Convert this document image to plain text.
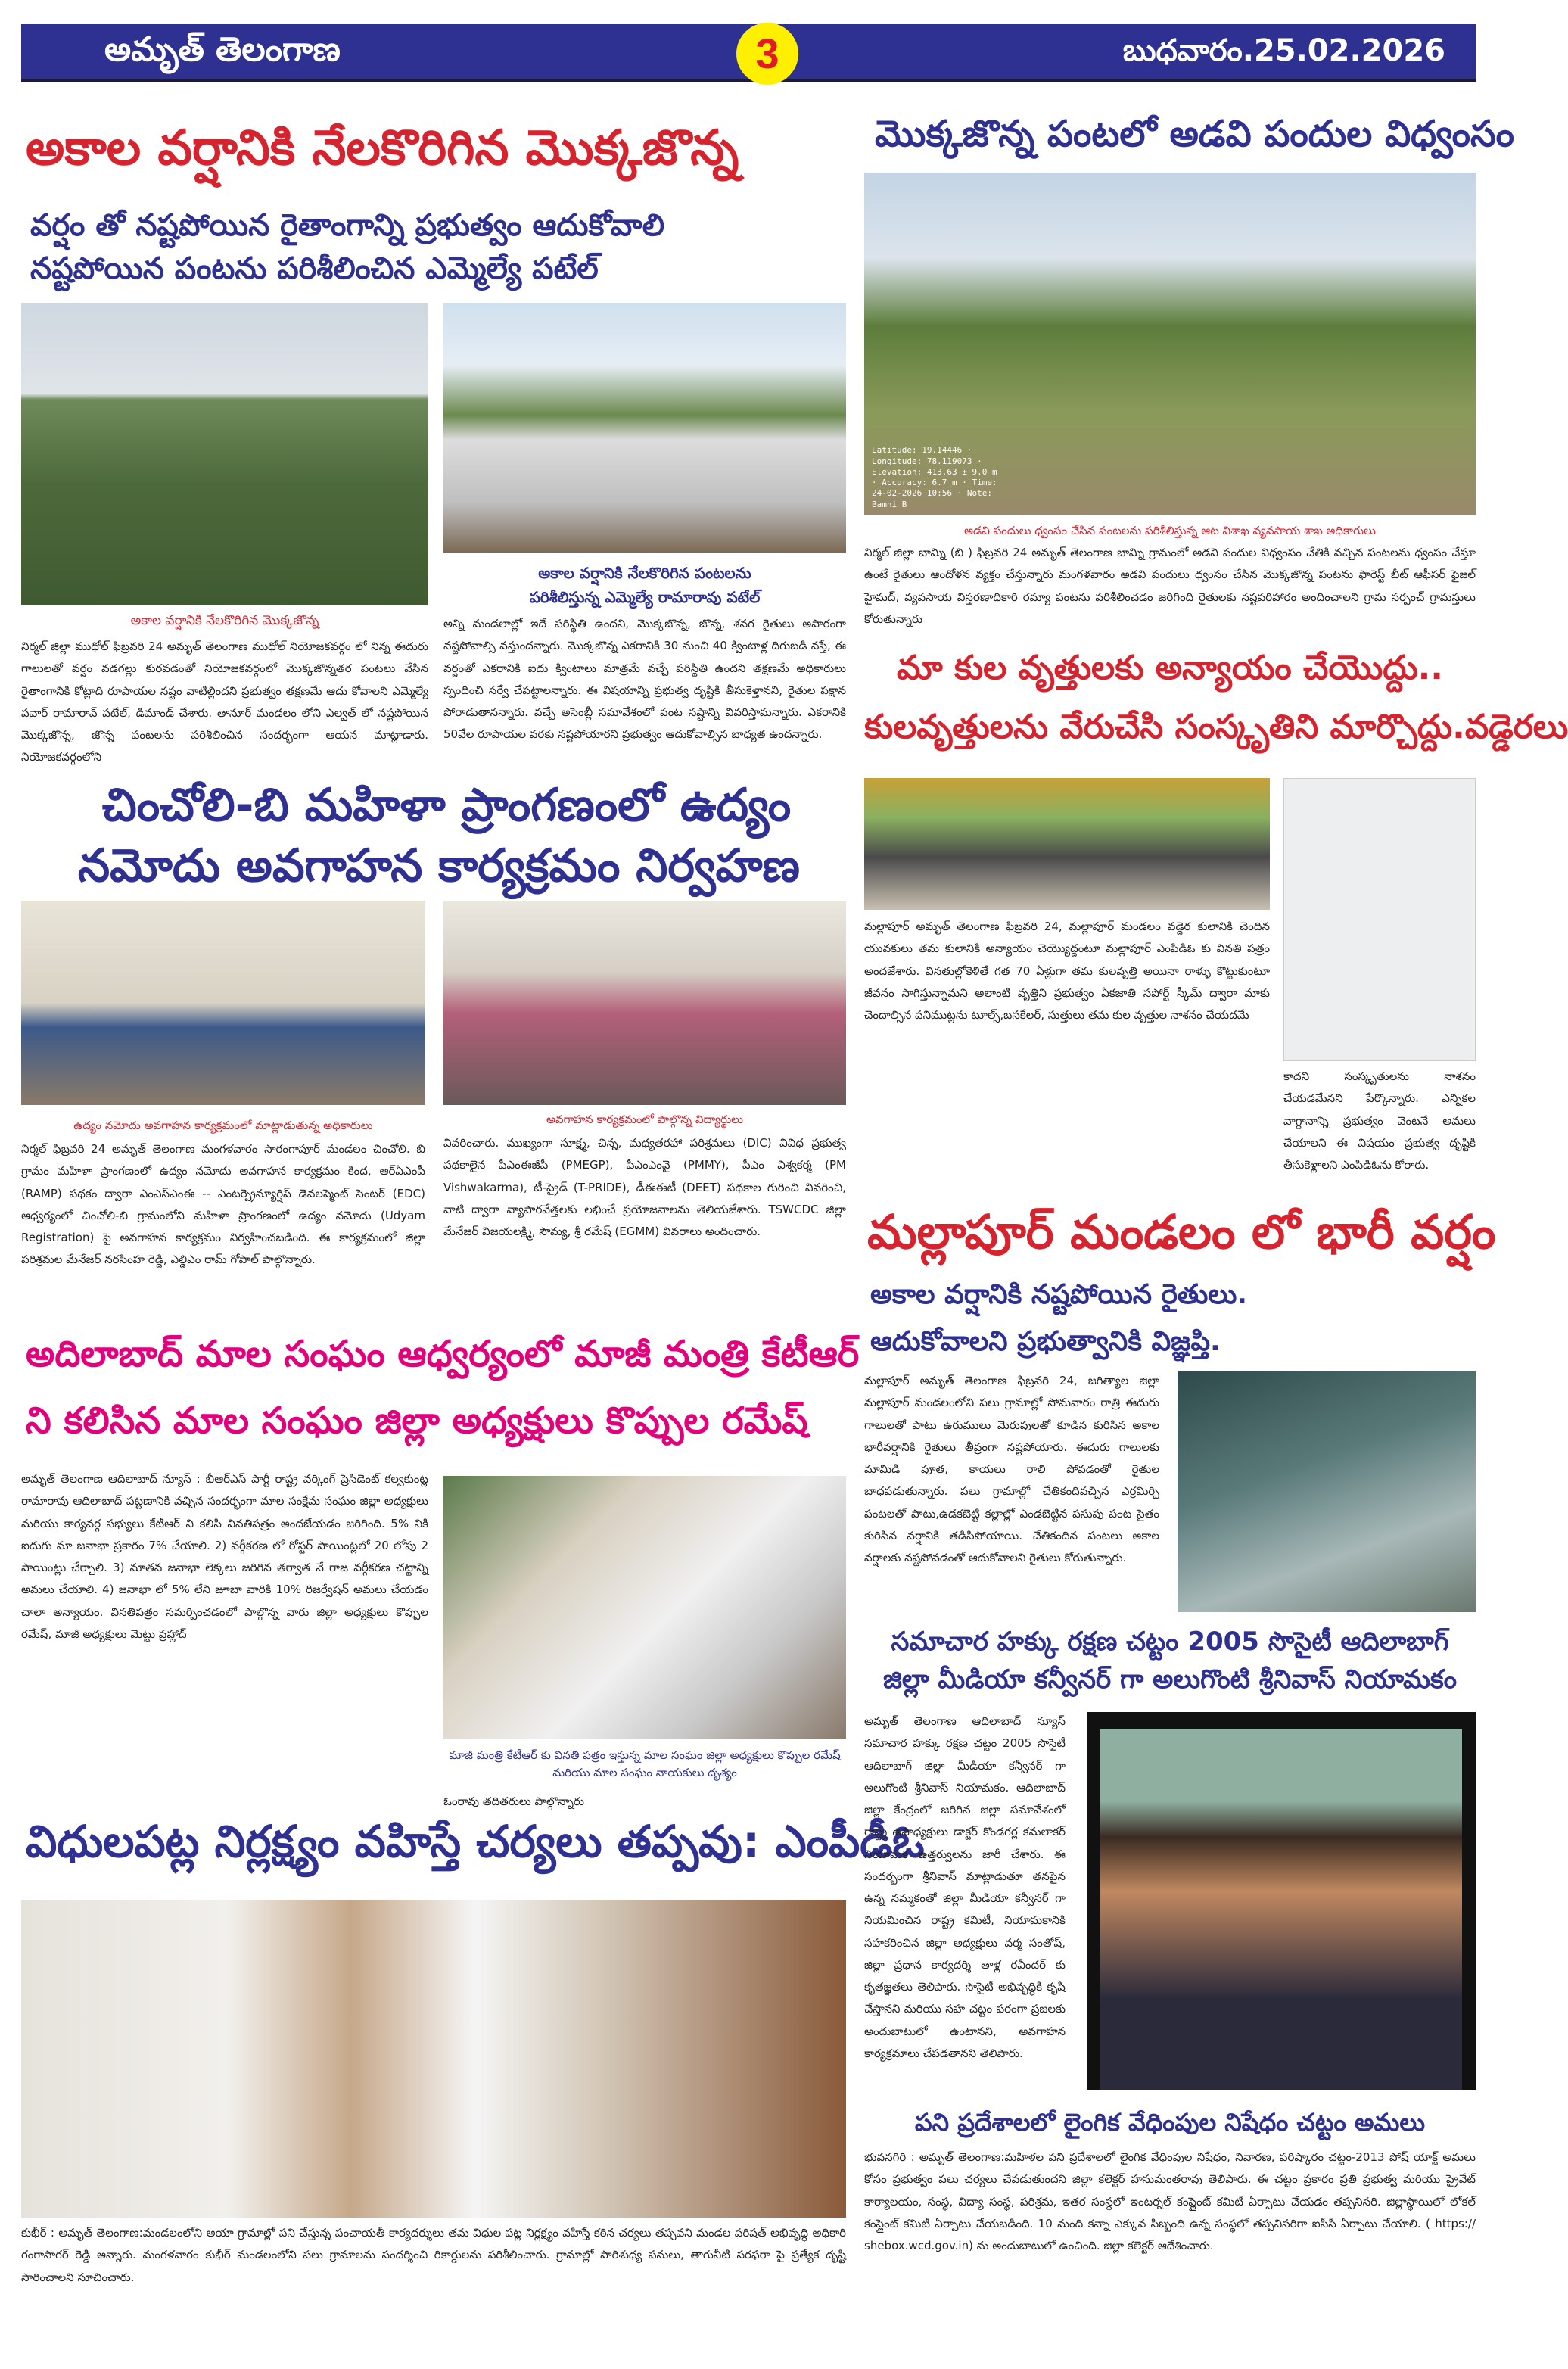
అమృత్ తెలంగాణ	3	బుధవారం.25.02.2026
అకాల వర్షానికి నేలకొరిగిన మొక్కజొన్న
వర్షం తో నష్టపోయిన రైతాంగాన్ని ప్రభుత్వం ఆదుకోవాలి
నష్టపోయిన పంటను పరిశీలించిన ఎమ్మెల్యే పటేల్
అకాల వర్షానికి నేలకొరిగిన మొక్కజొన్న
అకాల వర్షానికి నేలకొరిగిన పంటలను
పరిశీలిస్తున్న ఎమ్మెల్యే రామారావు పటేల్
నిర్మల్ జిల్లా ముధోల్ ఫిబ్రవరి 24 అమృత్ తెలంగాణ ముధోల్ నియోజకవర్గం లో నిన్న ఈదురు గాలులతో వర్షం వడగల్లు కురవడంతో నియోజకవర్గంలో మొక్కజొన్నతర పంటలు వేసిన రైతాంగానికి కోట్లాది రూపాయల నష్టం వాటిల్లిందని ప్రభుత్వం తక్షణమే ఆదు కోవాలని ఎమ్మెల్యే పవార్ రామారావ్ పటేల్, డిమాండ్ చేశారు. తానూర్ మండలం లోని ఎల్వత్ లో నష్టపోయిన మొక్కజొన్న, జొన్న పంటలను పరిశీలించిన సందర్భంగా ఆయన మాట్లాడారు. నియోజకవర్గంలోని
అన్ని మండలాల్లో ఇదే పరిస్థితి ఉందని, మొక్కజొన్న, జొన్న, శనగ రైతులు అపారంగా నష్టపోవాల్సి వస్తుందన్నారు. మొక్కజొన్న ఎకరానికి 30 నుంచి 40 క్వింటాళ్ల దిగుబడి వస్తే, ఈ వర్షంతో ఎకరానికి ఐదు క్వింటాలు మాత్రమే వచ్చే పరిస్థితి ఉందని తక్షణమే అధికారులు స్పందించి సర్వే చేపట్టాలన్నారు. ఈ విషయాన్ని ప్రభుత్వ దృష్టికి తీసుకెళ్తానని, రైతుల పక్షాన పోరాడుతానన్నారు. వచ్చే అసెంబ్లీ సమావేశంలో పంట నష్టాన్ని వివరిస్తామన్నారు. ఎకరానికి 50వేల రూపాయల వరకు నష్టపోయారని ప్రభుత్వం ఆదుకోవాల్సిన బాధ్యత ఉందన్నారు.
చించోలి-బి మహిళా ప్రాంగణంలో ఉద్యం
నమోదు అవగాహన కార్యక్రమం నిర్వహణ
ఉద్యం నమోదు అవగాహన కార్యక్రమంలో మాట్లాడుతున్న అధికారులు	అవగాహన కార్యక్రమంలో పాల్గొన్న విద్యార్థులు
నిర్మల్ ఫిబ్రవరి 24 అమృత్ తెలంగాణ మంగళవారం సారంగాపూర్ మండలం చించోలి. బి గ్రామం మహిళా ప్రాంగణంలో ఉద్యం నమోదు అవగాహన కార్యక్రమం కింద, ఆర్ఏఎంపీ (RAMP) పథకం ద్వారా ఎంఎస్ఎంఈ -- ఎంటర్ప్రెన్యూర్షిప్ డెవలప్మెంట్ సెంటర్ (EDC) ఆధ్వర్యంలో చించోలి-బి గ్రామంలోని మహిళా ప్రాంగణంలో ఉద్యం నమోదు (Udyam Registration) పై అవగాహన కార్యక్రమం నిర్వహించబడింది. ఈ కార్యక్రమంలో జిల్లా పరిశ్రమల మేనేజర్ నరసింహ రెడ్డి, ఎల్డిఎం రామ్ గోపాల్ పాల్గొన్నారు.
వివరించారు. ముఖ్యంగా సూక్ష్మ, చిన్న, మధ్యతరహా పరిశ్రమలు (DIC) వివిధ ప్రభుత్వ పథకాలైన పీఎంఈజీపీ (PMEGP), పీఎంఎంవై (PMMY), పీఎం విశ్వకర్మ (PM Vishwakarma), టీ-ప్రైడ్ (T-PRIDE), డీఈఈటీ (DEET) పథకాల గురించి వివరించి, వాటి ద్వారా వ్యాపారవేత్తలకు లభించే ప్రయోజనాలను తెలియజేశారు. TSWCDC జిల్లా మేనేజర్ విజయలక్ష్మి, సౌమ్య, శ్రీ రమేష్ (EGMM) వివరాలు అందించారు.
అదిలాబాద్ మాల సంఘం ఆధ్వర్యంలో మాజీ మంత్రి కేటీఆర్
ని కలిసిన మాల సంఘం జిల్లా అధ్యక్షులు కొప్పుల రమేష్
అమృత్ తెలంగాణ ఆదిలాబాద్ న్యూస్ : బీఆర్ఎస్ పార్టీ రాష్ట్ర వర్కింగ్ ప్రెసిడెంట్ కల్వకుంట్ల రామారావు ఆదిలాబాద్ పట్టణానికి వచ్చిన సందర్భంగా మాల సంక్షేమ సంఘం జిల్లా అధ్యక్షులు మరియు కార్యవర్గ సభ్యులు కేటీఆర్ ని కలిసి వినతిపత్రం అందజేయడం జరిగింది. 5% నికి ఐదుగు మా జనాభా ప్రకారం 7% చేయాలి. 2) వర్గీకరణ లో రోస్టర్ పాయింట్లలో 20 లోపు 2 పాయింట్లు చేర్చాలి. 3) నూతన జనాభా లెక్కలు జరిగిన తర్వాత నే రాజ వర్గీకరణ చట్టాన్ని అమలు చేయాలి. 4) జనాభా లో 5% లేని జూబా వారికి 10% రిజర్వేషన్ అమలు చేయడం చాలా అన్యాయం. వినతిపత్రం సమర్పించడంలో పాల్గొన్న వారు జిల్లా అధ్యక్షులు కొప్పుల రమేష్, మాజీ అధ్యక్షులు మెట్టు ప్రహ్లాద్
మాజీ మంత్రి కేటీఆర్ కు వినతి పత్రం ఇస్తున్న మాల సంఘం జిల్లా అధ్యక్షులు కొప్పుల రమేష్ మరియు మాల సంఘం నాయకులు దృశ్యం
ఓంరావు తదితరులు పాల్గొన్నారు
విధులపట్ల నిర్లక్ష్యం వహిస్తే చర్యలు తప్పవు: ఎంపీడీఓ
కుభీర్ : అమృత్ తెలంగాణ:మండలంలోని అయా గ్రామాల్లో పని చేస్తున్న పంచాయతీ కార్యదర్శులు తమ విధుల పట్ల నిర్లక్ష్యం వహిస్తే కఠిన చర్యలు తప్పవని మండల పరిషత్ అభివృద్ధి అధికారి గంగాసాగర్ రెడ్డి అన్నారు. మంగళవారం కుభీర్ మండలంలోని పలు గ్రామాలను సందర్శించి రికార్డులను పరిశీలించారు. గ్రామాల్లో పారిశుధ్య పనులు, తాగునీటి సరఫరా పై ప్రత్యేక దృష్టి సారించాలని సూచించారు.
మొక్కజొన్న పంటలో అడవి పందుల విధ్వంసం
Latitude: 19.14446 · Longitude: 78.119073 · Elevation: 413.63 ± 9.0 m · Accuracy: 6.7 m · Time: 24-02-2026 10:56 · Note: Bamni B
అడవి పందులు ధ్వంసం చేసిన పంటలను పరిశీలిస్తున్న ఆట విశాఖ వ్యవసాయ శాఖ అధికారులు
నిర్మల్ జిల్లా బామ్ని (బి ) ఫిబ్రవరి 24 అమృత్ తెలంగాణ బామ్ని గ్రామంలో అడవి పందుల విధ్వంసం చేతికి వచ్చిన పంటలను ధ్వంసం చేస్తూ ఉంటే రైతులు ఆందోళన వ్యక్తం చేస్తున్నారు మంగళవారం అడవి పందులు ధ్వంసం చేసిన మొక్కజొన్న పంటను ఫారెస్ట్ బీట్ ఆఫీసర్ ఫైజల్ హైమద్, వ్యవసాయ విస్తరణాధికారి రమ్యా పంటను పరిశీలించడం జరిగింది రైతులకు నష్టపరిహారం అందించాలని గ్రామ సర్పంచ్ గ్రామస్తులు కోరుతున్నారు
మా కుల వృత్తులకు అన్యాయం చేయొద్దు..
కులవృత్తులను వేరుచేసి సంస్కృతిని మార్చొద్దు.వడ్డెరలు
మల్లాపూర్ అమృత్ తెలంగాణ ఫిబ్రవరి 24, మల్లాపూర్ మండలం వడ్డెర కులానికి చెందిన యువకులు తమ కులానికి అన్యాయం చెయ్యొద్దంటూ మల్లాపూర్ ఎంపిడిఓ కు వినతి పత్రం అందజేశారు. వినతుల్లోకెళితే గత 70 ఏళ్లుగా తమ కులవృత్తి అయినా రాళ్ళు కొట్టుకుంటూ జీవనం సాగిస్తున్నామని అలాంటి వృత్తిని ప్రభుత్వం ఏకజాతి సపోర్ట్ స్కీమ్ ద్వారా మాకు చెందాల్సిన పనిముట్లను టూల్స్,బసకేలర్, సుత్తులు తమ కుల వృత్తుల నాశనం చేయదమే
కాదని సంస్కృతులను నాశనం చేయడమేనని పేర్కొన్నారు. ఎన్నికల వాగ్దానాన్ని ప్రభుత్వం వెంటనే అమలు చేయాలని ఈ విషయం ప్రభుత్వ దృష్టికి తీసుకెళ్లాలని ఎంపిడిఓను కోరారు.
మల్లాపూర్ మండలం లో భారీ వర్షం
అకాల వర్షానికి నష్టపోయిన రైతులు.
ఆదుకోవాలని ప్రభుత్వానికి విజ్ఞప్తి.
మల్లాపూర్ అమృత్ తెలంగాణ ఫిబ్రవరి 24, జగిత్యాల జిల్లా మల్లాపూర్ మండలంలోని పలు గ్రామాల్లో సోమవారం రాత్రి ఈదురు గాలులతో పాటు ఉరుములు మెరుపులతో కూడిన కురిసిన అకాల భారీవర్షానికి రైతులు తీవ్రంగా నష్టపోయారు. ఈదురు గాలులకు మామిడి పూత, కాయలు రాలి పోవడంతో రైతుల బాధపడుతున్నారు. పలు గ్రామాల్లో చేతికందివచ్చిన ఎర్రమిర్చి పంటలతో పాటు,ఉడకబెట్టి కల్లాల్లో ఎండబెట్టిన పసుపు పంట సైతం కురిసిన వర్షానికి తడిసిపోయాయి. చేతికందిన పంటలు అకాల వర్షాలకు నష్టపోవడంతో ఆదుకోవాలని రైతులు కోరుతున్నారు.
సమాచార హక్కు రక్షణ చట్టం 2005 సొసైటీ ఆదిలాబాగ్
జిల్లా మీడియా కన్వీనర్ గా అలుగొంటి శ్రీనివాస్ నియామకం
అమృత్ తెలంగాణ ఆదిలాబాద్ న్యూస్ సమాచార హక్కు రక్షణ చట్టం 2005 సొసైటీ ఆదిలాబాగ్ జిల్లా మీడియా కన్వీనర్ గా అలుగొంటి శ్రీనివాస్ నియామకం. ఆదిలాబాద్ జిల్లా కేంద్రంలో జరిగిన జిల్లా సమావేశంలో రాష్ట్ర ఉపాధ్యక్షులు డాక్టర్ కొండగర్ల కమలాకర్ నియామక ఉత్తర్వులను జారీ చేశారు. ఈ సందర్భంగా శ్రీనివాస్ మాట్లాడుతూ తనపైన ఉన్న నమ్మకంతో జిల్లా మీడియా కన్వీనర్ గా నియమించిన రాష్ట్ర కమిటీ, నియామకానికి సహకరించిన జిల్లా అధ్యక్షులు వర్మ సంతోష్, జిల్లా ప్రధాన కార్యదర్శి తాళ్ల రవీందర్ కు కృతజ్ఞతలు తెలిపారు. సొసైటీ అభివృద్ధికి కృషి చేస్తానని మరియు సహ చట్టం పరంగా ప్రజలకు అందుబాటులో ఉంటానని, అవగాహన కార్యక్రమాలు చేపడతానని తెలిపారు.
పని ప్రదేశాలలో లైంగిక వేధింపుల నిషేధం చట్టం అమలు
భువనగిరి : అమృత్ తెలంగాణ:మహిళల పని ప్రదేశాలలో లైంగిక వేధింపుల నిషేధం, నివారణ, పరిష్కారం చట్టం-2013 పోష్ యాక్ట్ అమలు కోసం ప్రభుత్వం పలు చర్యలు చేపడుతుందని జిల్లా కలెక్టర్ హనుమంతరావు తెలిపారు. ఈ చట్టం ప్రకారం ప్రతి ప్రభుత్వ మరియు ప్రైవేట్ కార్యాలయం, సంస్థ, విద్యా సంస్థ, పరిశ్రమ, ఇతర సంస్థలో ఇంటర్నల్ కంప్లైంట్ కమిటీ ఏర్పాటు చేయడం తప్పనిసరి. జిల్లాస్థాయిలో లోకల్ కంప్లైంట్ కమిటీ ఏర్పాటు చేయబడింది. 10 మంది కన్నా ఎక్కువ సిబ్బంది ఉన్న సంస్థలో తప్పనిసరిగా ఐసీసీ ఏర్పాటు చేయాలి. ( https:// shebox.wcd.gov.in) ను అందుబాటులో ఉంచింది. జిల్లా కలెక్టర్ ఆదేశించారు.
